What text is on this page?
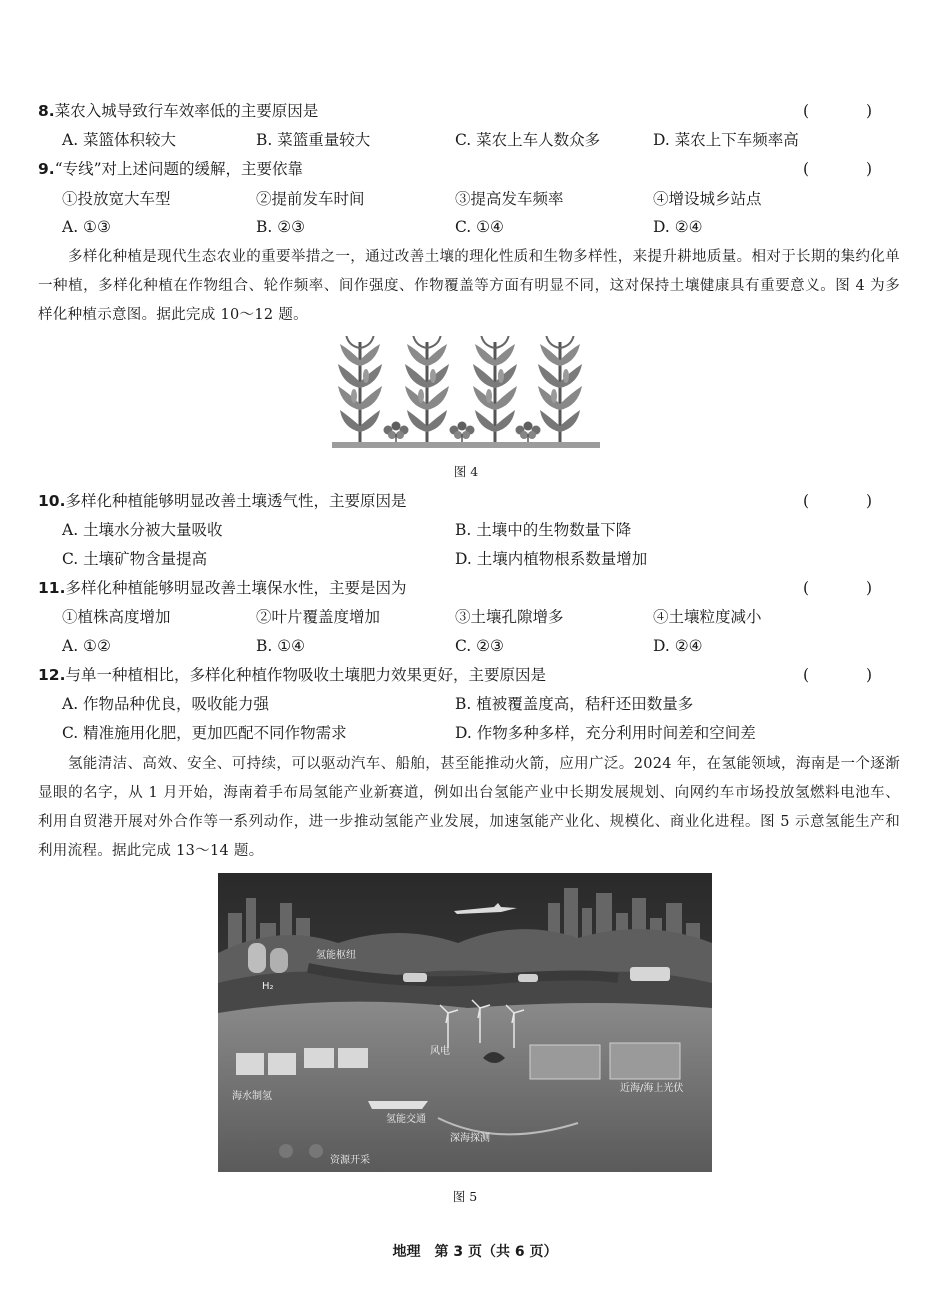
8.菜农入城导致行车效率低的主要原因是	( )
A. 菜篮体积较大	B. 菜篮重量较大	C. 菜农上车人数众多	D. 菜农上下车频率高
9.“专线”对上述问题的缓解，主要依靠	( )
①投放宽大车型	②提前发车时间	③提高发车频率	④增设城乡站点
A. ①③	B. ②③	C. ①④	D. ②④
多样化种植是现代生态农业的重要举措之一，通过改善土壤的理化性质和生物多样性，来提升耕地质量。相对于长期的集约化单一种植，多样化种植在作物组合、轮作频率、间作强度、作物覆盖等方面有明显不同，这对保持土壤健康具有重要意义。图 4 为多样化种植示意图。据此完成 10～12 题。
图 4
10.多样化种植能够明显改善土壤透气性，主要原因是	( )
A. 土壤水分被大量吸收	B. 土壤中的生物数量下降
C. 土壤矿物含量提高	D. 土壤内植物根系数量增加
11.多样化种植能够明显改善土壤保水性，主要是因为	( )
①植株高度增加	②叶片覆盖度增加	③土壤孔隙增多	④土壤粒度减小
A. ①②	B. ①④	C. ②③	D. ②④
12.与单一种植相比，多样化种植作物吸收土壤肥力效果更好，主要原因是	( )
A. 作物品种优良，吸收能力强	B. 植被覆盖度高，秸秆还田数量多
C. 精准施用化肥，更加匹配不同作物需求	D. 作物多种多样，充分利用时间差和空间差
氢能清洁、高效、安全、可持续，可以驱动汽车、船舶，甚至能推动火箭，应用广泛。2024 年，在氢能领域，海南是一个逐渐显眼的名字，从 1 月开始，海南着手布局氢能产业新赛道，例如出台氢能产业中长期发展规划、向网约车市场投放氢燃料电池车、利用自贸港开展对外合作等一系列动作，进一步推动氢能产业发展，加速氢能产业化、规模化、商业化进程。图 5 示意氢能生产和利用流程。据此完成 13～14 题。
氢能枢纽
H₂
风电
近海/海上光伏
海水制氢
氢能交通
深海探测
资源开采
图 5
地理　第 3 页（共 6 页）
